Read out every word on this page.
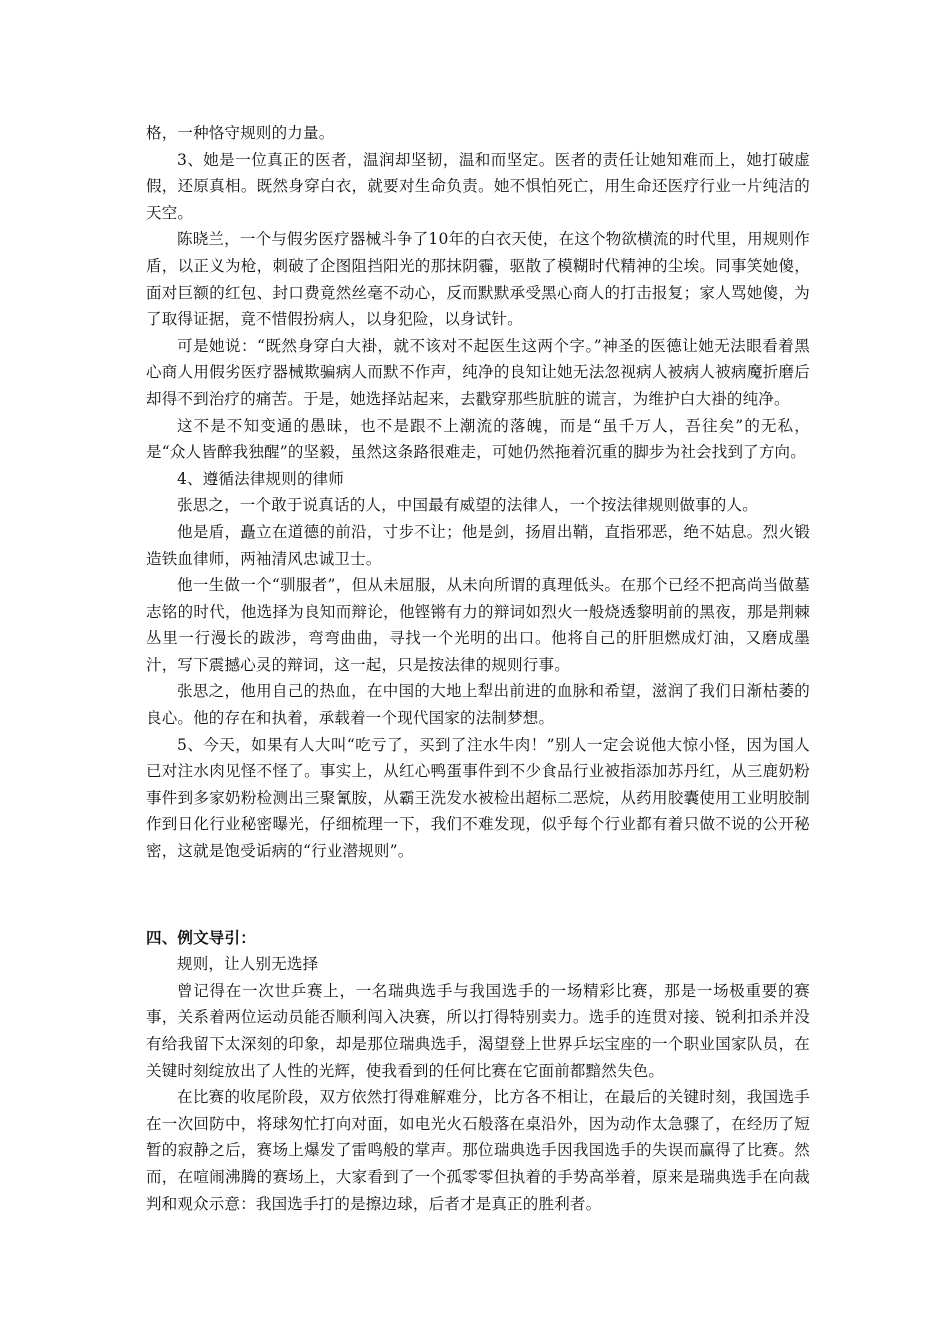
格，一种恪守规则的力量。

3、她是一位真正的医者，温润却坚韧，温和而坚定。医者的责任让她知难而上，她打破虚假，还原真相。既然身穿白衣，就要对生命负责。她不惧怕死亡，用生命还医疗行业一片纯洁的天空。

陈晓兰，一个与假劣医疗器械斗争了10年的白衣天使，在这个物欲横流的时代里，用规则作盾，以正义为枪，刺破了企图阻挡阳光的那抹阴霾，驱散了模糊时代精神的尘埃。同事笑她傻，面对巨额的红包、封口费竟然丝毫不动心，反而默默承受黑心商人的打击报复；家人骂她傻，为了取得证据，竟不惜假扮病人，以身犯险，以身试针。

可是她说：“既然身穿白大褂，就不该对不起医生这两个字。”神圣的医德让她无法眼看着黑心商人用假劣医疗器械欺骗病人而默不作声，纯净的良知让她无法忽视病人被病人被病魔折磨后却得不到治疗的痛苦。于是，她选择站起来，去戳穿那些肮脏的谎言，为维护白大褂的纯净。

这不是不知变通的愚昧，也不是跟不上潮流的落魄，而是“虽千万人，吾往矣”的无私，是“众人皆醉我独醒”的坚毅，虽然这条路很难走，可她仍然拖着沉重的脚步为社会找到了方向。

4、遵循法律规则的律师

张思之，一个敢于说真话的人，中国最有威望的法律人，一个按法律规则做事的人。

他是盾，矗立在道德的前沿，寸步不让；他是剑，扬眉出鞘，直指邪恶，绝不姑息。烈火锻造铁血律师，两袖清风忠诚卫士。

他一生做一个“驯服者”，但从未屈服，从未向所谓的真理低头。在那个已经不把高尚当做墓志铭的时代，他选择为良知而辩论，他铿锵有力的辩词如烈火一般烧透黎明前的黑夜，那是荆棘丛里一行漫长的跋涉，弯弯曲曲，寻找一个光明的出口。他将自己的肝胆燃成灯油，又磨成墨汁，写下震撼心灵的辩词，这一起，只是按法律的规则行事。

张思之，他用自己的热血，在中国的大地上犁出前进的血脉和希望，滋润了我们日渐枯萎的良心。他的存在和执着，承载着一个现代国家的法制梦想。

5、今天，如果有人大叫“吃亏了，买到了注水牛肉！”别人一定会说他大惊小怪，因为国人已对注水肉见怪不怪了。事实上，从红心鸭蛋事件到不少食品行业被指添加苏丹红，从三鹿奶粉事件到多家奶粉检测出三聚氰胺，从霸王洗发水被检出超标二恶烷，从药用胶囊使用工业明胶制作到日化行业秘密曝光，仔细梳理一下，我们不难发现，似乎每个行业都有着只做不说的公开秘密，这就是饱受诟病的“行业潜规则”。

四、例文导引：

规则，让人别无选择

曾记得在一次世乒赛上，一名瑞典选手与我国选手的一场精彩比赛，那是一场极重要的赛事，关系着两位运动员能否顺利闯入决赛，所以打得特别卖力。选手的连贯对接、锐利扣杀并没有给我留下太深刻的印象，却是那位瑞典选手，渴望登上世界乒坛宝座的一个职业国家队员，在关键时刻绽放出了人性的光辉，使我看到的任何比赛在它面前都黯然失色。

在比赛的收尾阶段，双方依然打得难解难分，比方各不相让，在最后的关键时刻，我国选手在一次回防中，将球匆忙打向对面，如电光火石般落在桌沿外，因为动作太急骤了，在经历了短暂的寂静之后，赛场上爆发了雷鸣般的掌声。那位瑞典选手因我国选手的失误而赢得了比赛。然而，在喧闹沸腾的赛场上，大家看到了一个孤零零但执着的手势高举着，原来是瑞典选手在向裁判和观众示意：我国选手打的是擦边球，后者才是真正的胜利者。
